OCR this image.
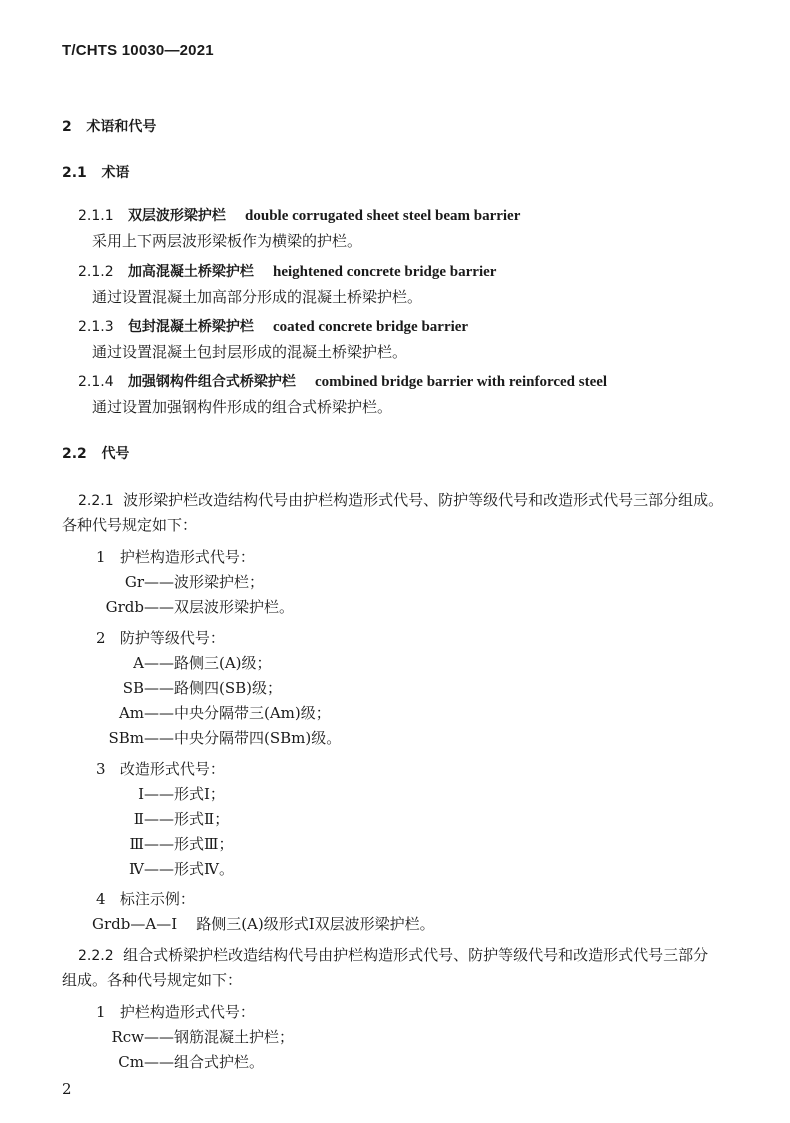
T/CHTS 10030—2021
2 术语和代号
2.1 术语
2.1.1 双层波形梁护栏 double corrugated sheet steel beam barrier
采用上下两层波形梁板作为横梁的护栏。
2.1.2 加高混凝土桥梁护栏 heightened concrete bridge barrier
通过设置混凝土加高部分形成的混凝土桥梁护栏。
2.1.3 包封混凝土桥梁护栏 coated concrete bridge barrier
通过设置混凝土包封层形成的混凝土桥梁护栏。
2.1.4 加强钢构件组合式桥梁护栏 combined bridge barrier with reinforced steel
通过设置加强钢构件形成的组合式桥梁护栏。
2.2 代号
2.2.1 波形梁护栏改造结构代号由护栏构造形式代号、防护等级代号和改造形式代号三部分组成。
各种代号规定如下：
1 护栏构造形式代号：
Gr——波形梁护栏；
Grdb——双层波形梁护栏。
2 防护等级代号：
A——路侧三(A)级；
SB——路侧四(SB)级；
Am——中央分隔带三(Am)级；
SBm——中央分隔带四(SBm)级。
3 改造形式代号：
Ⅰ——形式Ⅰ；
Ⅱ——形式Ⅱ；
Ⅲ——形式Ⅲ；
Ⅳ——形式Ⅳ。
4 标注示例：
Grdb—A—Ⅰ 路侧三(A)级形式Ⅰ双层波形梁护栏。
2.2.2 组合式桥梁护栏改造结构代号由护栏构造形式代号、防护等级代号和改造形式代号三部分
组成。各种代号规定如下：
1 护栏构造形式代号：
Rcw——钢筋混凝土护栏；
Cm——组合式护栏。
2
